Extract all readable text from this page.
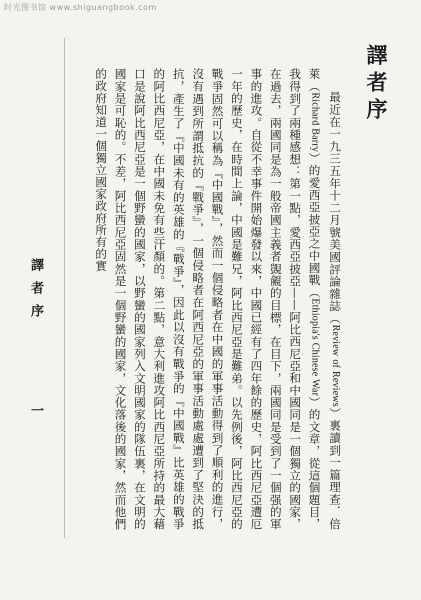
时光图书馆 www.shiguangbook.com
譯者序

最近在一九三五年十二月號美國評論雜誌（Review of Reviews）裏讀到一篇理查．倍萊（Richard Barry）的愛西亞披亞之中國戰（Ethiopia's Chinese War）的文章，從這個題目，我得到了兩種感想：第一點，愛西亞披亞——阿比西尼亞和中國同是一個獨立的國家，在過去，兩國同是為一般帝國主義者覬覦的目標，在目下，兩國同是受到了一個强的軍事的進攻。自從不幸事件開始爆發以來，中國已經有了四年餘的歷史，阿比西尼亞遭厄一年的歷史，在時間上論，中國是難兄，阿比西尼亞是難弟。以先例後，阿比西尼亞的戰爭固然可以稱為『中國戰』，然而一個侵略者在中國的軍事活動得到了順利的進行，沒有遇到所謂抵抗的『戰爭』，一個侵略者在阿西尼亞的軍事活動處處遭到了堅決的抵抗，產生了『中國未有的英雄的『戰爭』，因此以沒有戰爭的『中國戰』比英雄的戰爭的阿比西尼亞，在中國未免有些汗顏的。第二點，意大利進攻阿比西尼亞所持的最大藉口是說阿比西尼亞是一個野蠻的國家，以野蠻的國家列入文明國家的隊伍裏，在文明的國家是可恥的。不差，阿比西尼亞固然是一個野蠻的國家，文化落後的國家，然而他們的政府知道一個獨立國家政府所有的實

譯者序
一
